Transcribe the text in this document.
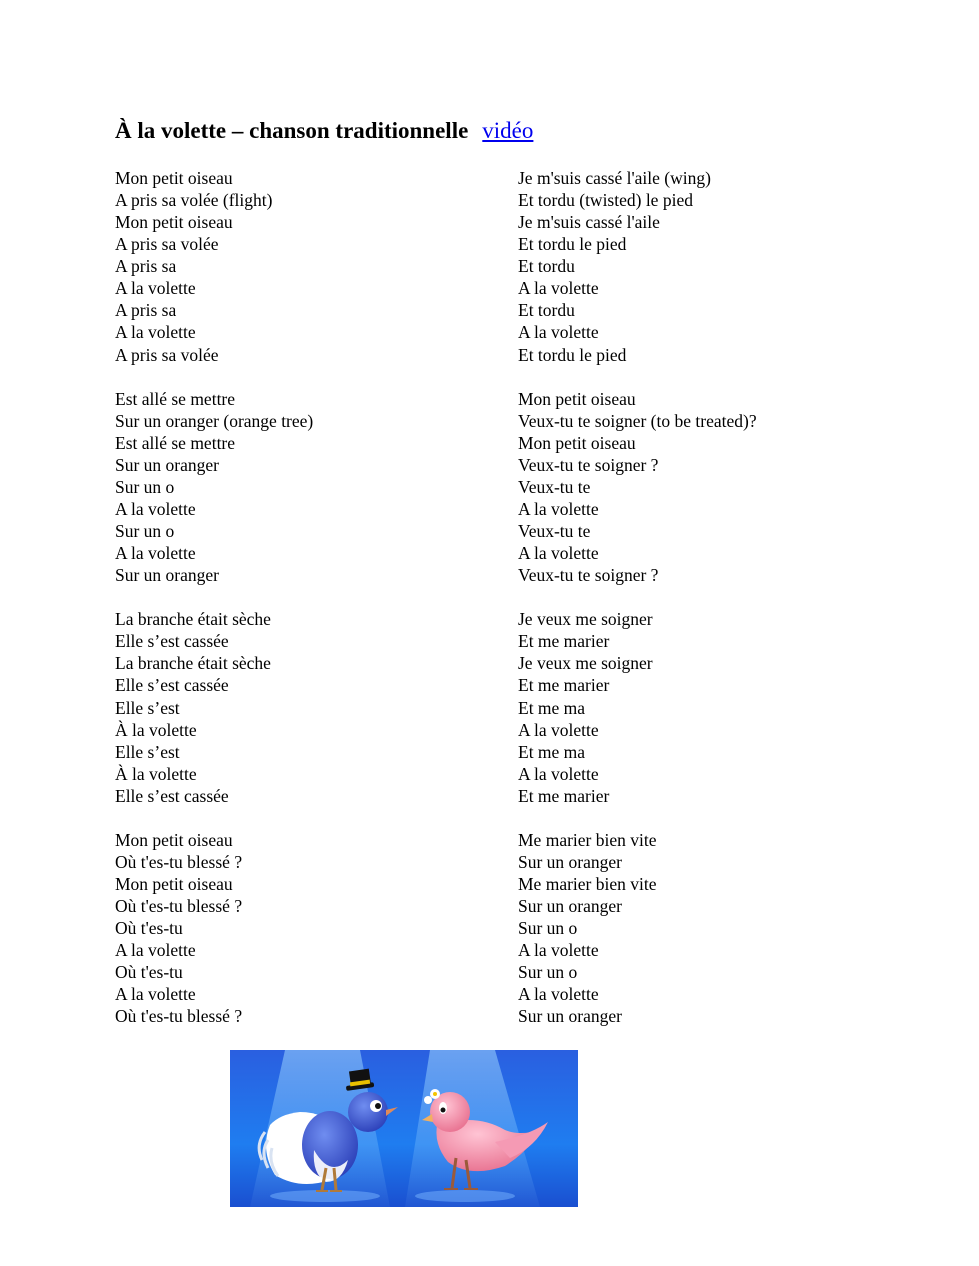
À la volette – chanson traditionnelle vidéo
Mon petit oiseau
A pris sa volée (flight)
Mon petit oiseau
A pris sa volée
A pris sa
A la volette
A pris sa
A la volette
A pris sa volée
Est allé se mettre
Sur un oranger (orange tree)
Est allé se mettre
Sur un oranger
Sur un o
A la volette
Sur un o
A la volette
Sur un oranger
La branche était sèche
Elle s’est cassée
La branche était sèche
Elle s’est cassée
Elle s’est
À la volette
Elle s’est
À la volette
Elle s’est cassée
Mon petit oiseau
Où t'es-tu blessé ?
Mon petit oiseau
Où t'es-tu blessé ?
Où t'es-tu
A la volette
Où t'es-tu
A la volette
Où t'es-tu blessé ?
Je m'suis cassé l'aile (wing)
Et tordu (twisted) le pied
Je m'suis cassé l'aile
Et tordu le pied
Et tordu
A la volette
Et tordu
A la volette
Et tordu le pied
Mon petit oiseau
Veux-tu te soigner (to be treated)?
Mon petit oiseau
Veux-tu te soigner ?
Veux-tu te
A la volette
Veux-tu te
A la volette
Veux-tu te soigner ?
Je veux me soigner
Et me marier
Je veux me soigner
Et me marier
Et me ma
A la volette
Et me ma
A la volette
Et me marier
Me marier bien vite
Sur un oranger
Me marier bien vite
Sur un oranger
Sur un o
A la volette
Sur un o
A la volette
Sur un oranger
